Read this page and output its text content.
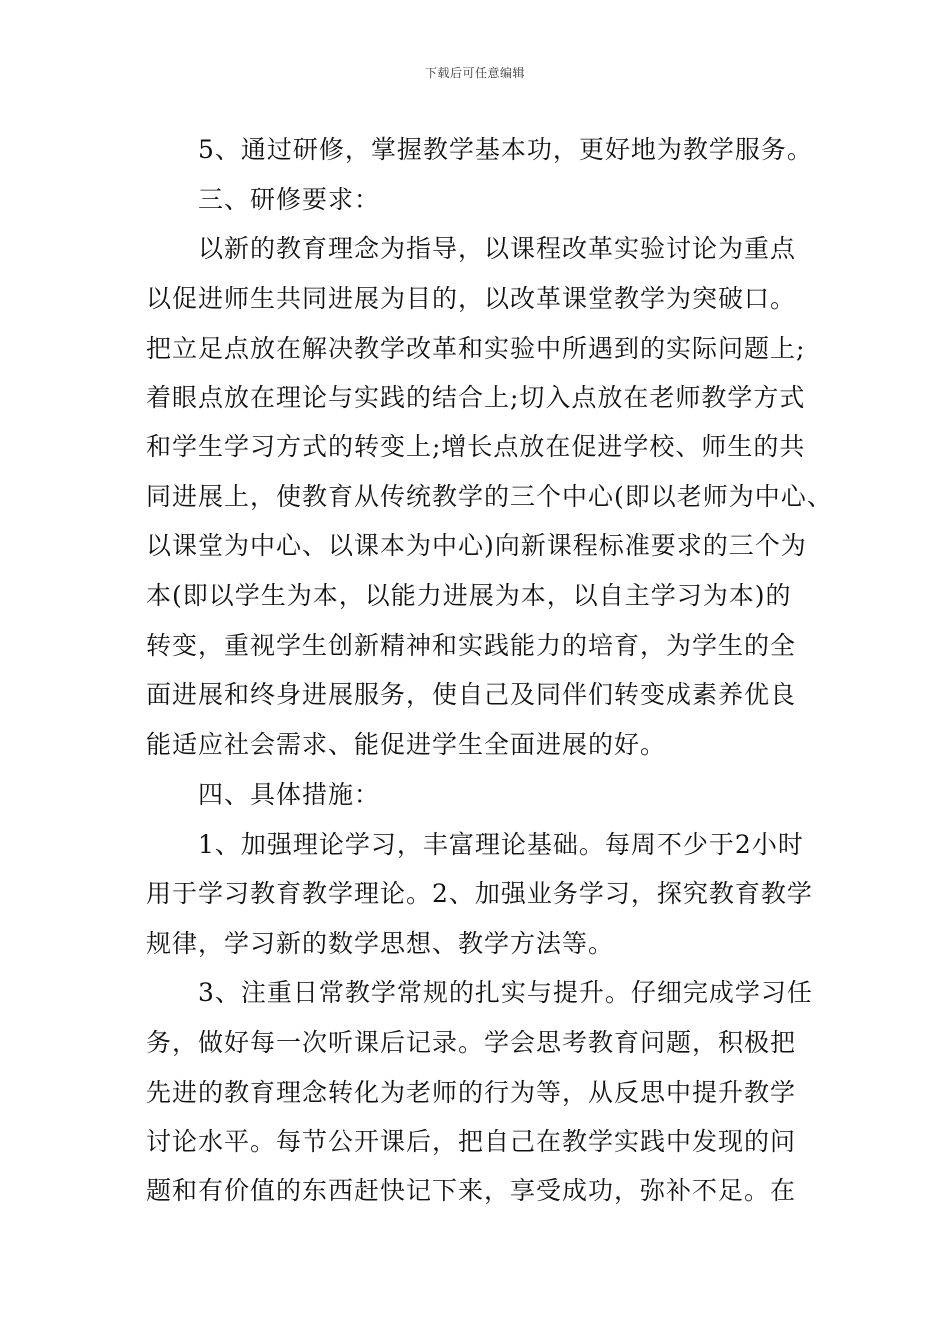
下载后可任意编辑
5、通过研修，掌握教学基本功，更好地为教学服务。
三、研修要求：
以新的教育理念为指导，以课程改革实验讨论为重点
以促进师生共同进展为目的，以改革课堂教学为突破口。
把立足点放在解决教学改革和实验中所遇到的实际问题上;
着眼点放在理论与实践的结合上;切入点放在老师教学方式
和学生学习方式的转变上;增长点放在促进学校、师生的共
同进展上，使教育从传统教学的三个中心(即以老师为中心、
以课堂为中心、以课本为中心)向新课程标准要求的三个为
本(即以学生为本，以能力进展为本，以自主学习为本)的
转变，重视学生创新精神和实践能力的培育，为学生的全
面进展和终身进展服务，使自己及同伴们转变成素养优良
能适应社会需求、能促进学生全面进展的好。
四、具体措施：
1、加强理论学习，丰富理论基础。每周不少于2小时
用于学习教育教学理论。2、加强业务学习，探究教育教学
规律，学习新的数学思想、教学方法等。
3、注重日常教学常规的扎实与提升。仔细完成学习任
务，做好每一次听课后记录。学会思考教育问题，积极把
先进的教育理念转化为老师的行为等，从反思中提升教学
讨论水平。每节公开课后，把自己在教学实践中发现的问
题和有价值的东西赶快记下来，享受成功，弥补不足。在
